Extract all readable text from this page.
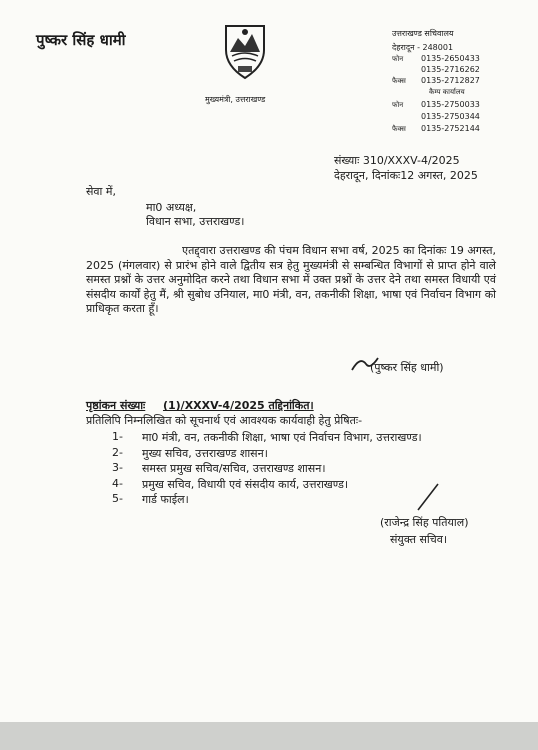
पुष्कर सिंह धामी
मुख्यमंत्री, उत्तराखण्ड
उत्तराखण्ड सचिवालय
देहरादून - 248001
फोन 0135-2650433
0135-2716262
फैक्स 0135-2712827
कैम्प कार्यालय
फोन 0135-2750033
0135-2750344
फैक्स 0135-2752144
संख्याः 310/XXXV-4/2025
देहरादून, दिनांकः12 अगस्त, 2025
सेवा में,
मा0 अध्यक्ष,
विधान सभा, उत्तराखण्ड।
एतद्द्वारा उत्तराखण्ड की पंचम विधान सभा वर्ष, 2025 का दिनांकः 19 अगस्त, 2025 (मंगलवार) से प्रारंभ होने वाले द्वितीय सत्र हेतु मुख्यमंत्री से सम्बन्धित विभागों से प्राप्त होने वाले समस्त प्रश्नों के उत्तर अनुमोदित करने तथा विधान सभा में उक्त प्रश्नों के उत्तर देने तथा समस्त विधायी एवं संसदीय कार्यों हेतु मैं, श्री सुबोध उनियाल, मा0 मंत्री, वन, तकनीकी शिक्षा, भाषा एवं निर्वाचन विभाग को प्राधिकृत करता हूँ।
(पुष्कर सिंह धामी)
पृष्ठांकन संख्याः (1)/XXXV-4/2025 तद्दिनांकित।
प्रतिलिपि निम्नलिखित को सूचनार्थ एवं आवश्यक कार्यवाही हेतु प्रेषितः-
1- मा0 मंत्री, वन, तकनीकी शिक्षा, भाषा एवं निर्वाचन विभाग, उत्तराखण्ड।
2- मुख्य सचिव, उत्तराखण्ड शासन।
3- समस्त प्रमुख सचिव/सचिव, उत्तराखण्ड शासन।
4- प्रमुख सचिव, विधायी एवं संसदीय कार्य, उत्तराखण्ड।
5- गार्ड फाईल।
(राजेन्द्र सिंह पतियाल)
संयुक्त सचिव।
